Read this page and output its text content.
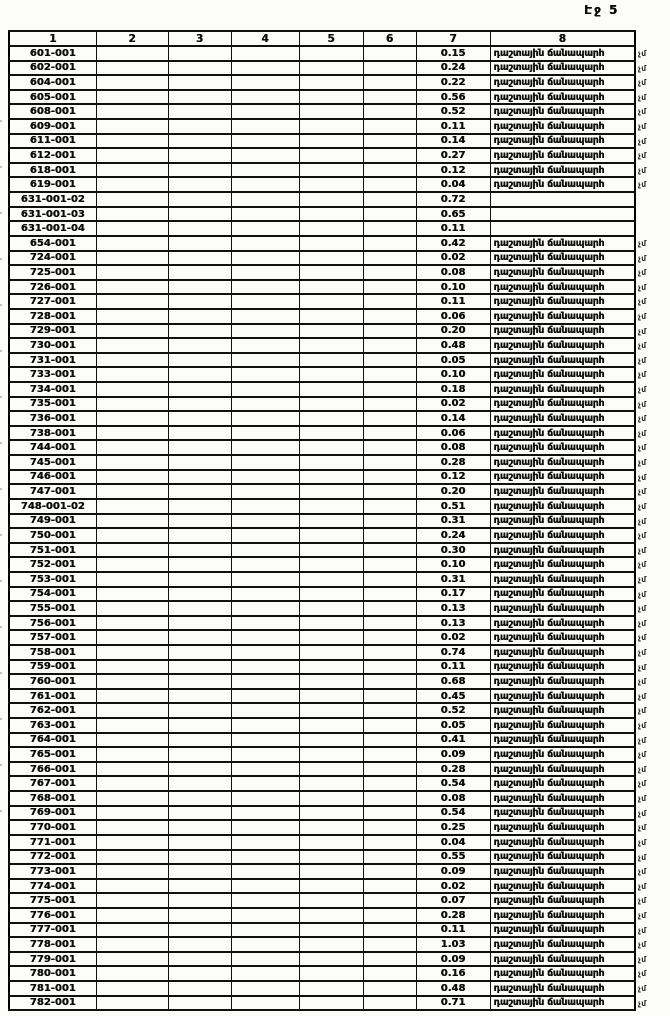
Էջ 5
1	2	3	4	5	6	7	8
601-001						0.15	դաշտային ճանապարհ
602-001						0.24	դաշտային ճանապարհ
604-001						0.22	դաշտային ճանապարհ
605-001						0.56	դաշտային ճանապարհ
608-001						0.52	դաշտային ճանապարհ
609-001						0.11	դաշտային ճանապարհ
611-001						0.14	դաշտային ճանապարհ
612-001						0.27	դաշտային ճանապարհ
618-001						0.12	դաշտային ճանապարհ
619-001						0.04	դաշտային ճանապարհ
631-001-02						0.72	
631-001-03						0.65	
631-001-04						0.11	
654-001						0.42	դաշտային ճանապարհ
724-001						0.02	դաշտային ճանապարհ
725-001						0.08	դաշտային ճանապարհ
726-001						0.10	դաշտային ճանապարհ
727-001						0.11	դաշտային ճանապարհ
728-001						0.06	դաշտային ճանապարհ
729-001						0.20	դաշտային ճանապարհ
730-001						0.48	դաշտային ճանապարհ
731-001						0.05	դաշտային ճանապարհ
733-001						0.10	դաշտային ճանապարհ
734-001						0.18	դաշտային ճանապարհ
735-001						0.02	դաշտային ճանապարհ
736-001						0.14	դաշտային ճանապարհ
738-001						0.06	դաշտային ճանապարհ
744-001						0.08	դաշտային ճանապարհ
745-001						0.28	դաշտային ճանապարհ
746-001						0.12	դաշտային ճանապարհ
747-001						0.20	դաշտային ճանապարհ
748-001-02						0.51	դաշտային ճանապարհ
749-001						0.31	դաշտային ճանապարհ
750-001						0.24	դաշտային ճանապարհ
751-001						0.30	դաշտային ճանապարհ
752-001						0.10	դաշտային ճանապարհ
753-001						0.31	դաշտային ճանապարհ
754-001						0.17	դաշտային ճանապարհ
755-001						0.13	դաշտային ճանապարհ
756-001						0.13	դաշտային ճանապարհ
757-001						0.02	դաշտային ճանապարհ
758-001						0.74	դաշտային ճանապարհ
759-001						0.11	դաշտային ճանապարհ
760-001						0.68	դաշտային ճանապարհ
761-001						0.45	դաշտային ճանապարհ
762-001						0.52	դաշտային ճանապարհ
763-001						0.05	դաշտային ճանապարհ
764-001						0.41	դաշտային ճանապարհ
765-001						0.09	դաշտային ճանապարհ
766-001						0.28	դաշտային ճանապարհ
767-001						0.54	դաշտային ճանապարհ
768-001						0.08	դաշտային ճանապարհ
769-001						0.54	դաշտային ճանապարհ
770-001						0.25	դաշտային ճանապարհ
771-001						0.04	դաշտային ճանապարհ
772-001						0.55	դաշտային ճանապարհ
773-001						0.09	դաշտային ճանապարհ
774-001						0.02	դաշտային ճանապարհ
775-001						0.07	դաշտային ճանապարհ
776-001						0.28	դաշտային ճանապարհ
777-001						0.11	դաշտային ճանապարհ
778-001						1.03	դաշտային ճանապարհ
779-001						0.09	դաշտային ճանապարհ
780-001						0.16	դաշտային ճանապարհ
781-001						0.48	դաշտային ճանապարհ
782-001						0.71	դաշտային ճանապարհ
չմ
չմ
չմ
չմ
չմ
չմ
չմ
չմ
չմ
չմ
չմ
չմ
չմ
չմ
չմ
չմ
չմ
չմ
չմ
չմ
չմ
չմ
չմ
չմ
չմ
չմ
չմ
չմ
չմ
չմ
չմ
չմ
չմ
չմ
չմ
չմ
չմ
չմ
չմ
չմ
չմ
չմ
չմ
չմ
չմ
չմ
չմ
չմ
չմ
չմ
չմ
չմ
չմ
չմ
չմ
չմ
չմ
չմ
չմ
չմ
չմ
չմ
չմ
